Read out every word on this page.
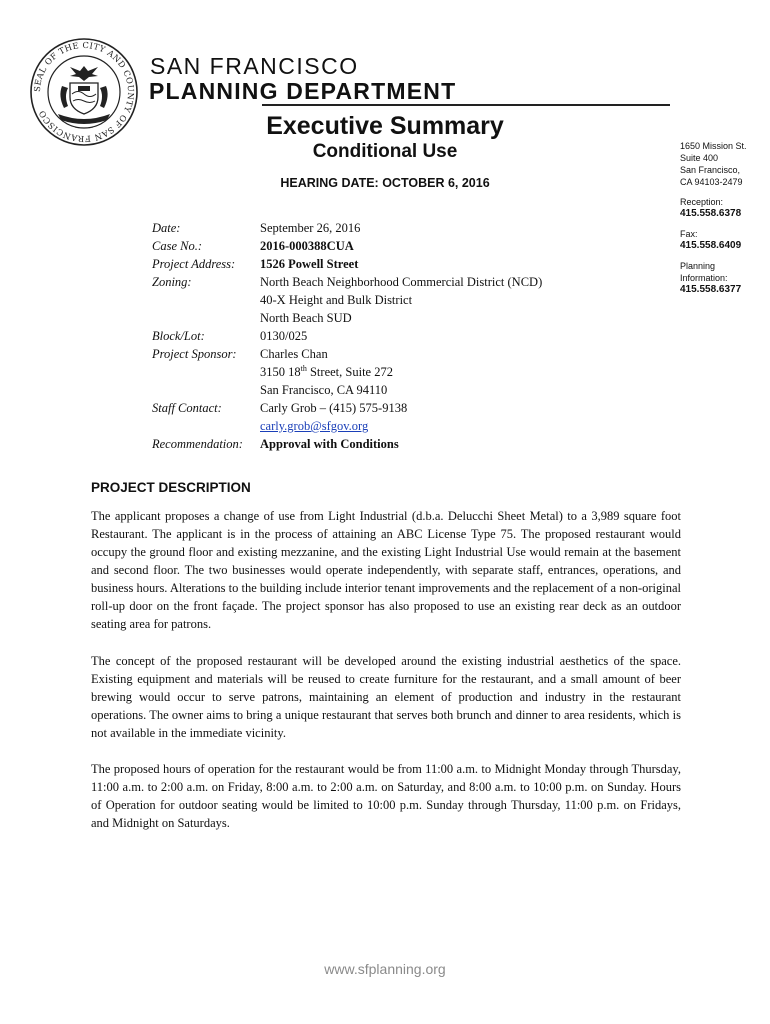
SEAL OF THE CITY AND COUNTY OF SAN FRANCISCO
SAN FRANCISCO
PLANNING DEPARTMENT
Executive Summary
Conditional Use
HEARING DATE: OCTOBER 6, 2016
1650 Mission St.
Suite 400
San Francisco,
CA 94103-2479
Reception:
415.558.6378
Fax:
415.558.6409
Planning
Information:
415.558.6377
Date:	September 26, 2016
Case No.:	2016-000388CUA
Project Address: 1526 Powell Street
Zoning:	North Beach Neighborhood Commercial District (NCD)
40-X Height and Bulk District
North Beach SUD
Block/Lot:	0130/025
Project Sponsor: Charles Chan
3150 18th Street, Suite 272
San Francisco, CA 94110
Staff Contact:	Carly Grob – (415) 575-9138
carly.grob@sfgov.org
Recommendation: Approval with Conditions
PROJECT DESCRIPTION

The applicant proposes a change of use from Light Industrial (d.b.a. Delucchi Sheet Metal) to a 3,989 square foot Restaurant. The applicant is in the process of attaining an ABC License Type 75. The proposed restaurant would occupy the ground floor and existing mezzanine, and the existing Light Industrial Use would remain at the basement and second floor. The two businesses would operate independently, with separate staff, entrances, operations, and business hours. Alterations to the building include interior tenant improvements and the replacement of a non-original roll-up door on the front façade. The project sponsor has also proposed to use an existing rear deck as an outdoor seating area for patrons.

The concept of the proposed restaurant will be developed around the existing industrial aesthetics of the space. Existing equipment and materials will be reused to create furniture for the restaurant, and a small amount of beer brewing would occur to serve patrons, maintaining an element of production and industry in the restaurant operations. The owner aims to bring a unique restaurant that serves both brunch and dinner to area residents, which is not available in the immediate vicinity.

The proposed hours of operation for the restaurant would be from 11:00 a.m. to Midnight Monday through Thursday, 11:00 a.m. to 2:00 a.m. on Friday, 8:00 a.m. to 2:00 a.m. on Saturday, and 8:00 a.m. to 10:00 p.m. on Sunday. Hours of Operation for outdoor seating would be limited to 10:00 p.m. Sunday through Thursday, 11:00 p.m. on Fridays, and Midnight on Saturdays.

www.sfplanning.org
